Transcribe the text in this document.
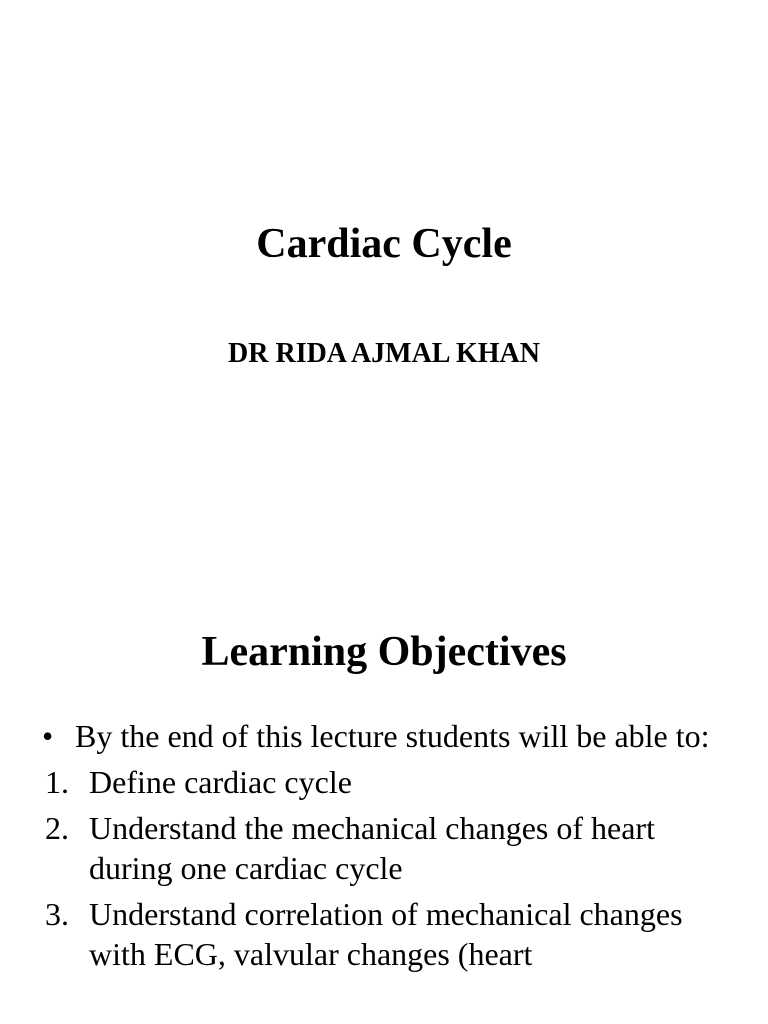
Cardiac Cycle
DR RIDA AJMAL KHAN
Learning Objectives

• By the end of this lecture students will be able to:

1. Define cardiac cycle

2. Understand the mechanical changes of heart during one cardiac cycle

3. Understand correlation of mechanical changes with ECG, valvular changes (heart
